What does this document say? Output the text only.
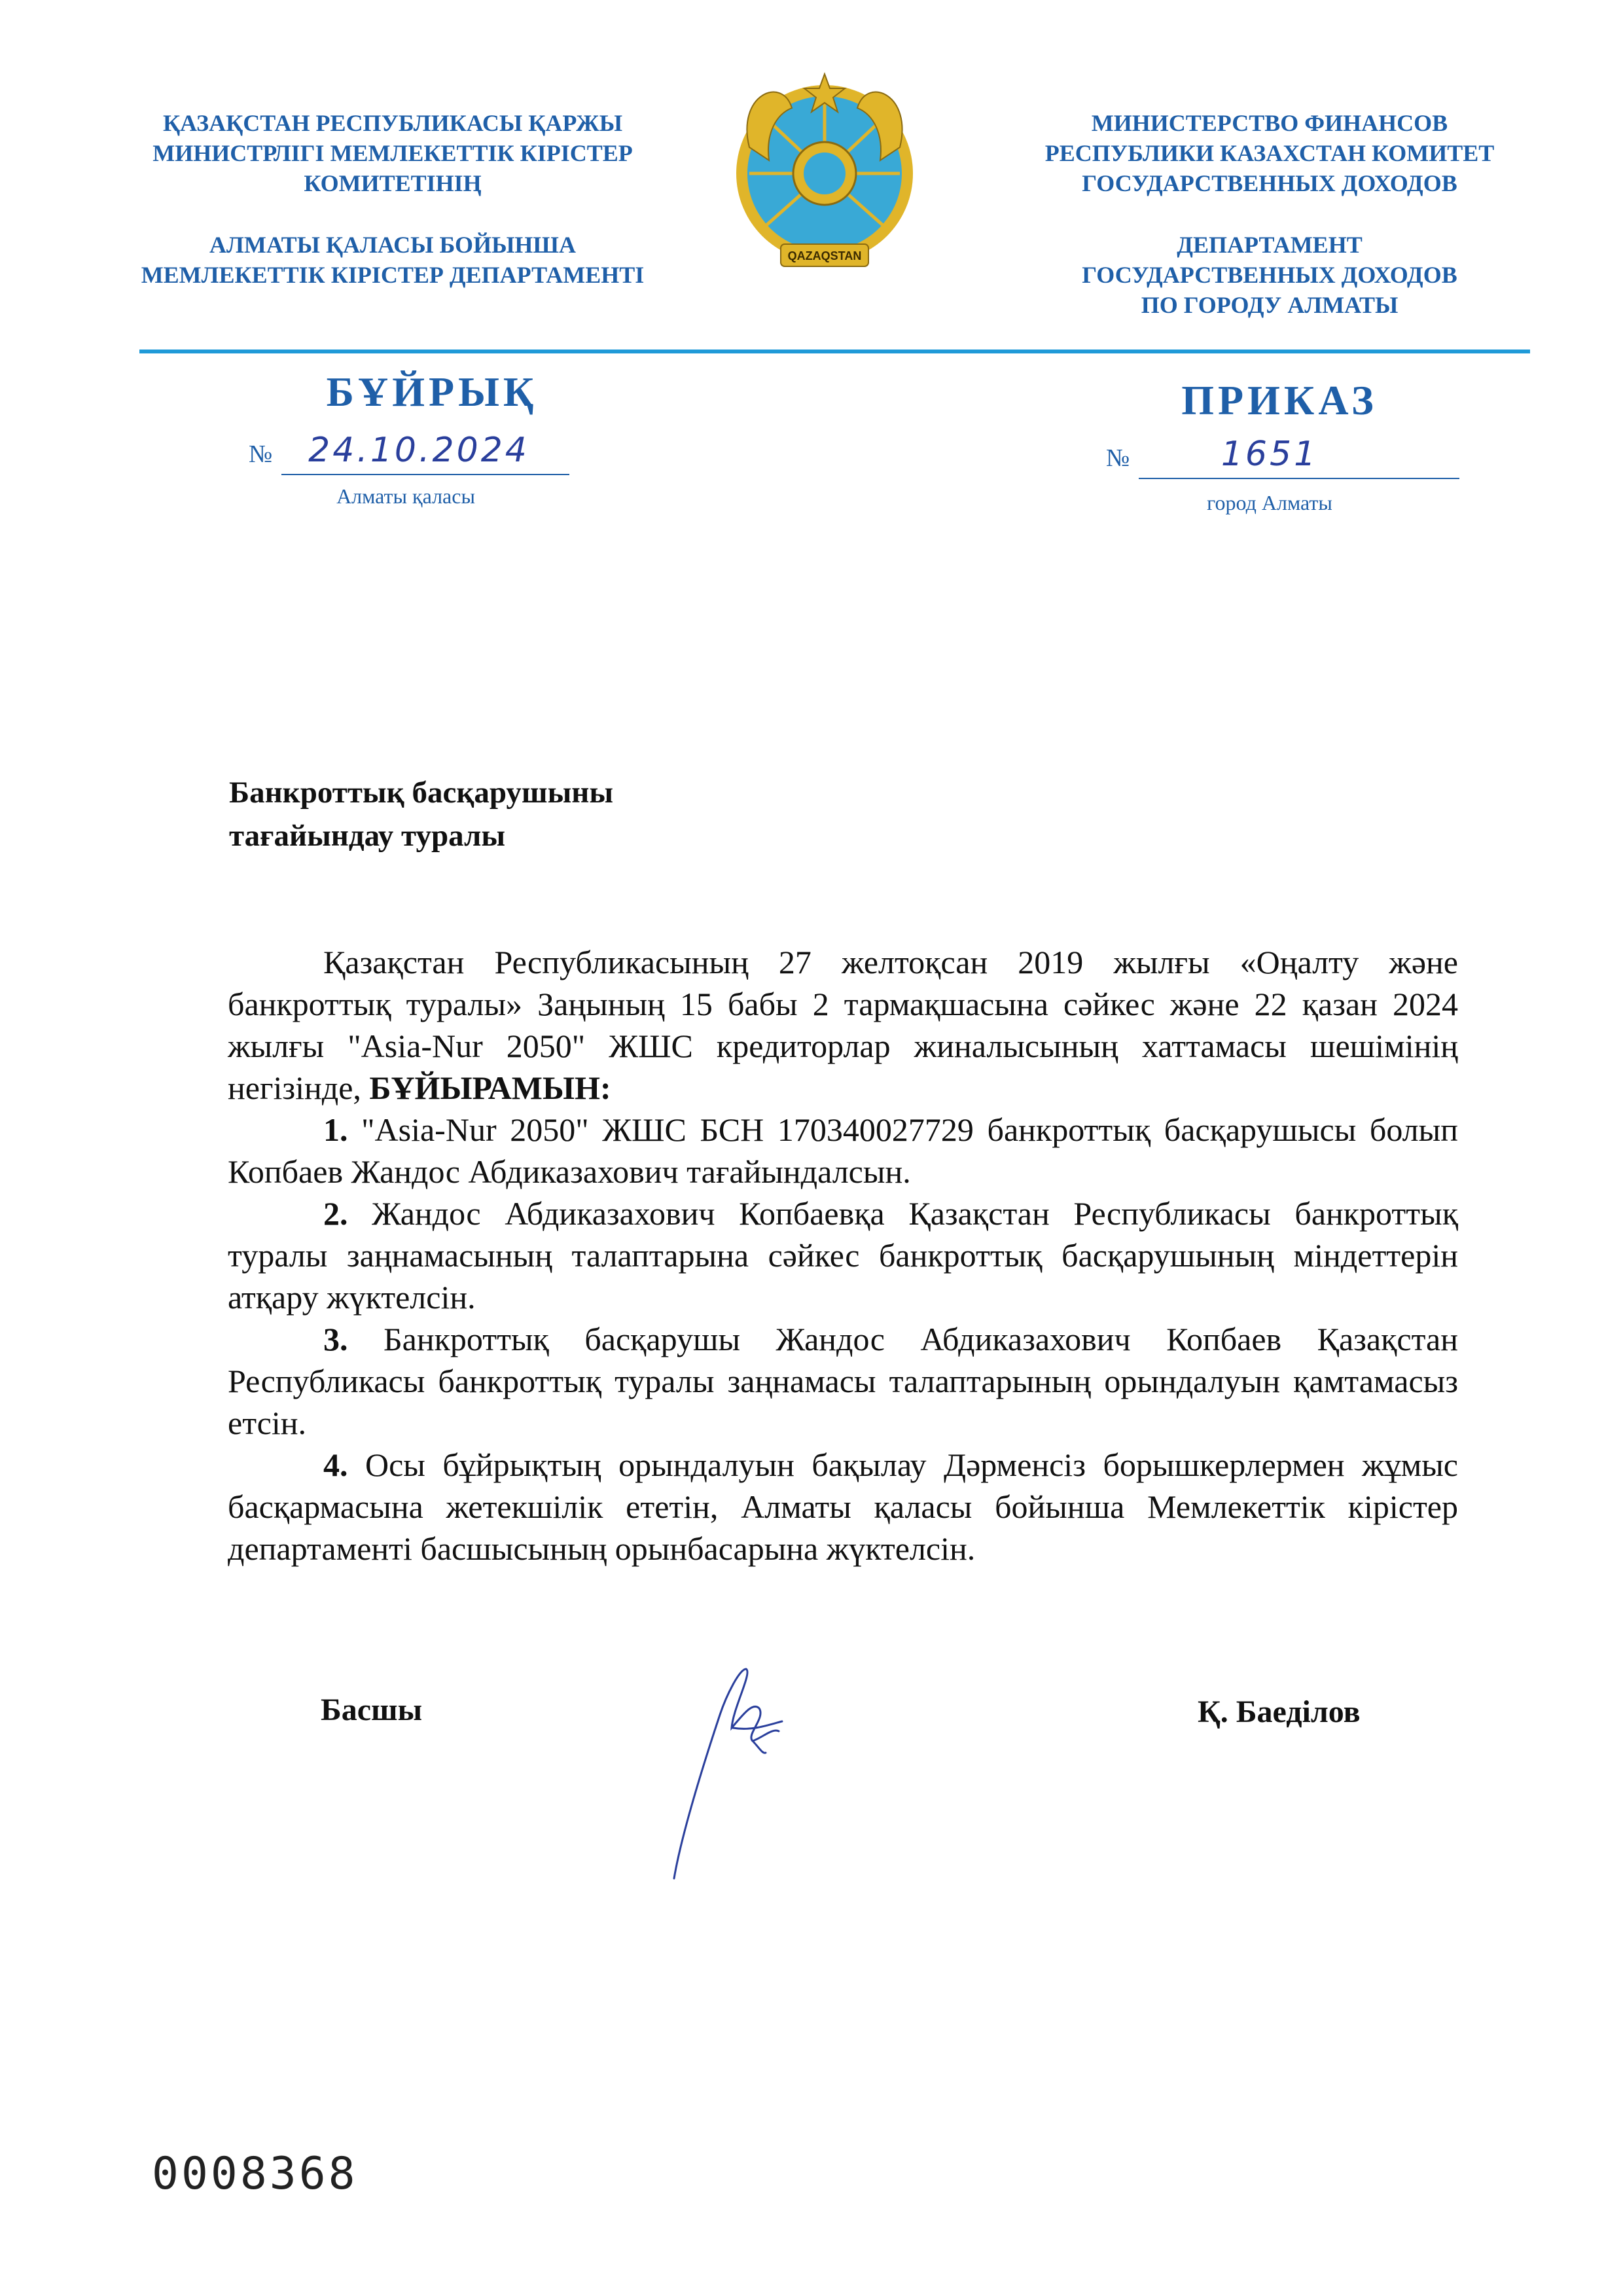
ҚАЗАҚСТАН РЕСПУБЛИКАСЫ ҚАРЖЫ

МИНИСТРЛІГІ МЕМЛЕКЕТТІК КІРІСТЕР

КОМИТЕТІНІҢ

АЛМАТЫ ҚАЛАСЫ БОЙЫНША

МЕМЛЕКЕТТІК КІРІСТЕР ДЕПАРТАМЕНТІ

QAZAQSTAN

МИНИСТЕРСТВО ФИНАНСОВ

РЕСПУБЛИКИ КАЗАХСТАН КОМИТЕТ

ГОСУДАРСТВЕННЫХ ДОХОДОВ

ДЕПАРТАМЕНТ

ГОСУДАРСТВЕННЫХ ДОХОДОВ

ПО ГОРОДУ АЛМАТЫ

БҰЙРЫҚ	ПРИКАЗ
№	24.10.2024	№	1651
Алматы қаласы	город Алматы

Банкроттық басқарушыны
тағайындау туралы

Қазақстан Республикасының 27 желтоқсан 2019 жылғы «Оңалту және банкроттық туралы» Заңының 15 бабы 2 тармақшасына сәйкес және 22 қазан 2024 жылғы "Asia-Nur 2050" ЖШС кредиторлар жиналысының хаттамасы шешімінің негізінде, БҰЙЫРАМЫН:

1. "Asia-Nur 2050" ЖШС БСН 170340027729 банкроттық басқарушысы болып Копбаев Жандос Абдиказахович тағайындалсын.

2. Жандос Абдиказахович Копбаевқа Қазақстан Республикасы банкроттық туралы заңнамасының талаптарына сәйкес банкроттық басқарушының міндеттерін атқару жүктелсін.

3. Банкроттық басқарушы Жандос Абдиказахович Копбаев Қазақстан Республикасы банкроттық туралы заңнамасы талаптарының орындалуын қамтамасыз етсін.

4. Осы бұйрықтың орындалуын бақылау Дәрменсіз борышкерлермен жұмыс басқармасына жетекшілік ететін, Алматы қаласы бойынша Мемлекеттік кірістер департаменті басшысының орынбасарына жүктелсін.

Басшы	Қ. Баеділов
0008368
